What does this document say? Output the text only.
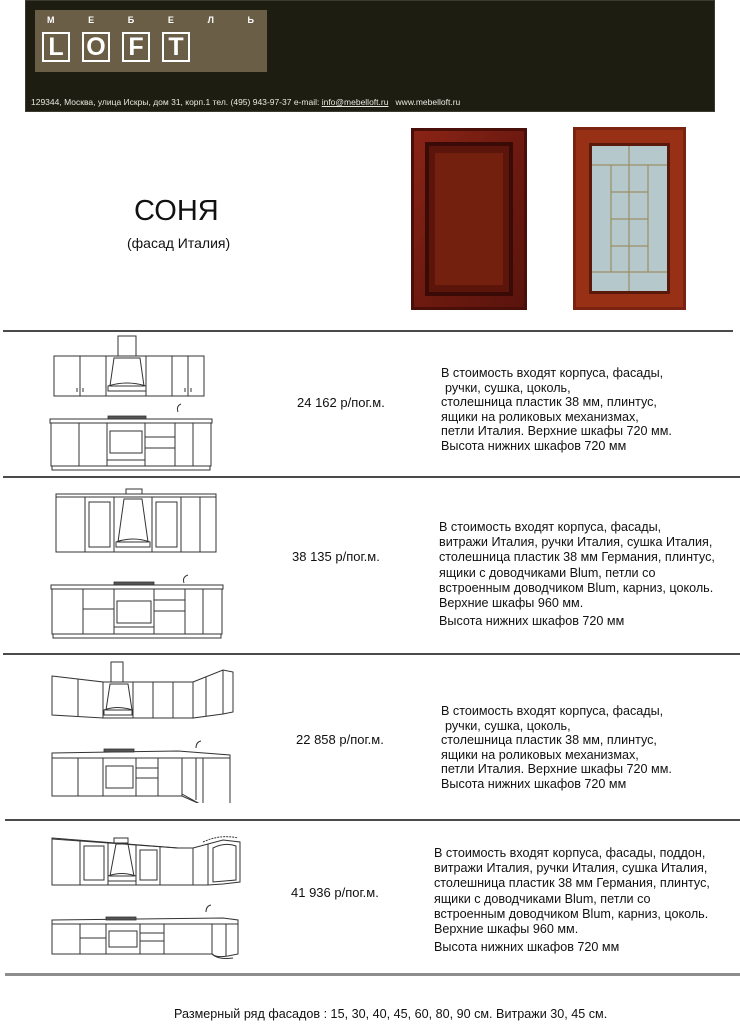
М	Е	Б	Е	Л	Ь
L O F T
129344, Москва, улица Искры, дом 31, корп.1 тел. (495) 943-97-37 e-mail: info@mebelloft.ru www.mebelloft.ru
СОНЯ
(фасад Италия)
24 162 р/пог.м.
В стоимость входят корпуса, фасады,
ручки, сушка, цоколь,
столешница пластик 38 мм, плинтус,
ящики на роликовых механизмах,
петли Италия. Верхние шкафы 720 мм.
Высота нижних шкафов 720 мм
38 135 р/пог.м.
В стоимость входят корпуса, фасады,
витражи Италия, ручки Италия, сушка Италия,
столешница пластик 38 мм Германия, плинтус,
ящики с доводчиками Blum, петли со
встроенным доводчиком Blum, карниз, цоколь.
Верхние шкафы 960 мм.
Высота нижних шкафов 720 мм
22 858 р/пог.м.
В стоимость входят корпуса, фасады,
ручки, сушка, цоколь,
столешница пластик 38 мм, плинтус,
ящики на роликовых механизмах,
петли Италия. Верхние шкафы 720 мм.
Высота нижних шкафов 720 мм
41 936 р/пог.м.
В стоимость входят корпуса, фасады, поддон,
витражи Италия, ручки Италия, сушка Италия,
столешница пластик 38 мм Германия, плинтус,
ящики с доводчиками Blum, петли со
встроенным доводчиком Blum, карниз, цоколь.
Верхние шкафы 960 мм.
Высота нижних шкафов 720 мм
Размерный ряд фасадов : 15, 30, 40, 45, 60, 80, 90 см. Витражи 30, 45 см.
